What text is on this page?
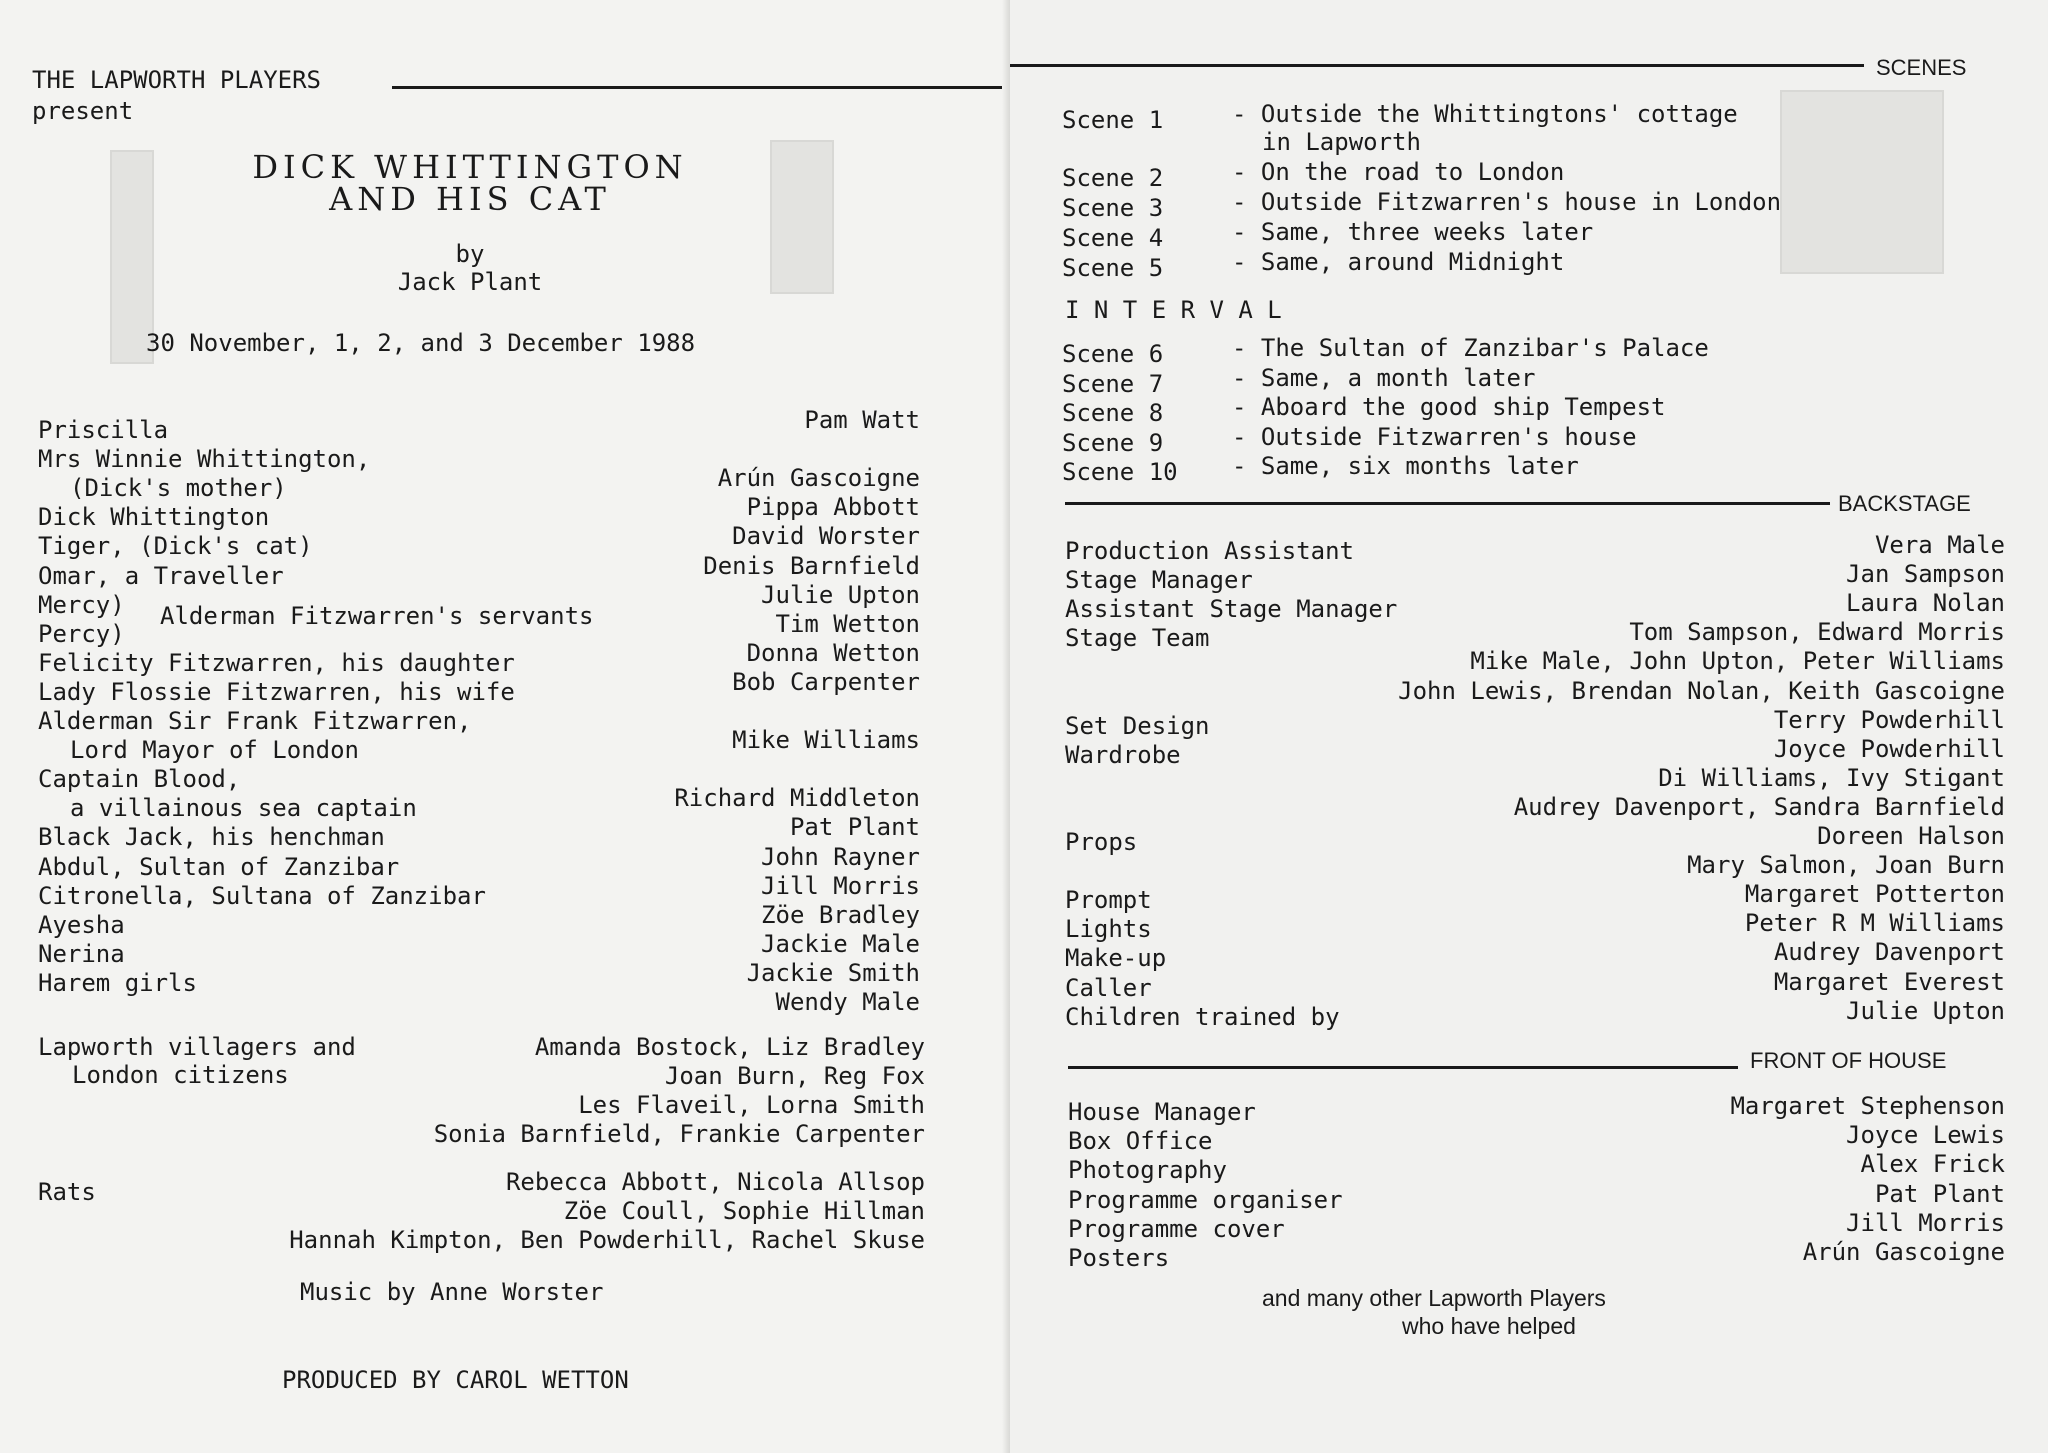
THE LAPWORTH PLAYERS
present
DICK WHITTINGTON
AND HIS CAT
by
Jack Plant
30 November, 1, 2, and 3 December 1988
Priscilla	Pam Watt
Mrs Winnie Whittington,
(Dick's mother)	Arún Gascoigne
Dick Whittington	Pippa Abbott
Tiger, (Dick's cat)	David Worster
Omar, a Traveller	Denis Barnfield
Mercy)	Julie Upton
Percy)	Tim Wetton
Felicity Fitzwarren, his daughter	Donna Wetton
Lady Flossie Fitzwarren, his wife	Bob Carpenter
Alderman Sir Frank Fitzwarren,
Lord Mayor of London	Mike Williams
Captain Blood,
a villainous sea captain	Richard Middleton
Black Jack, his henchman	Pat Plant
Abdul, Sultan of Zanzibar	John Rayner
Citronella, Sultana of Zanzibar	Jill Morris
Ayesha	Zöe Bradley
Nerina	Jackie Male
Harem girls	Jackie Smith
Wendy Male
Alderman Fitzwarren's servants
Lapworth villagers and
London citizens
Amanda Bostock, Liz Bradley
Joan Burn, Reg Fox
Les Flaveil, Lorna Smith
Sonia Barnfield, Frankie Carpenter
Rats	Rebecca Abbott, Nicola Allsop
Zöe Coull, Sophie Hillman
Hannah Kimpton, Ben Powderhill, Rachel Skuse
Music by Anne Worster
PRODUCED BY CAROL WETTON
SCENES
Scene 1	- Outside the Whittingtons' cottage
in Lapworth
Scene 2	- On the road to London
Scene 3	- Outside Fitzwarren's house in London
Scene 4	- Same, three weeks later
Scene 5	- Same, around Midnight
I N T E R V A L
Scene 6	- The Sultan of Zanzibar's Palace
Scene 7	- Same, a month later
Scene 8	- Aboard the good ship Tempest
Scene 9	- Outside Fitzwarren's house
Scene 10 - Same, six months later
BACKSTAGE
Production Assistant	Vera Male
Stage Manager	Jan Sampson
Assistant Stage Manager	Laura Nolan
Stage Team	Tom Sampson, Edward Morris
Mike Male, John Upton, Peter Williams
John Lewis, Brendan Nolan, Keith Gascoigne
Set Design	Terry Powderhill
Wardrobe	Joyce Powderhill
Di Williams, Ivy Stigant
Audrey Davenport, Sandra Barnfield
Props	Doreen Halson
Mary Salmon, Joan Burn
Prompt	Margaret Potterton
Lights	Peter R M Williams
Make-up	Audrey Davenport
Caller	Margaret Everest
Children trained by	Julie Upton
FRONT OF HOUSE
House Manager	Margaret Stephenson
Box Office	Joyce Lewis
Photography	Alex Frick
Programme organiser	Pat Plant
Programme cover	Jill Morris
Posters	Arún Gascoigne
and many other Lapworth Players
who have helped
